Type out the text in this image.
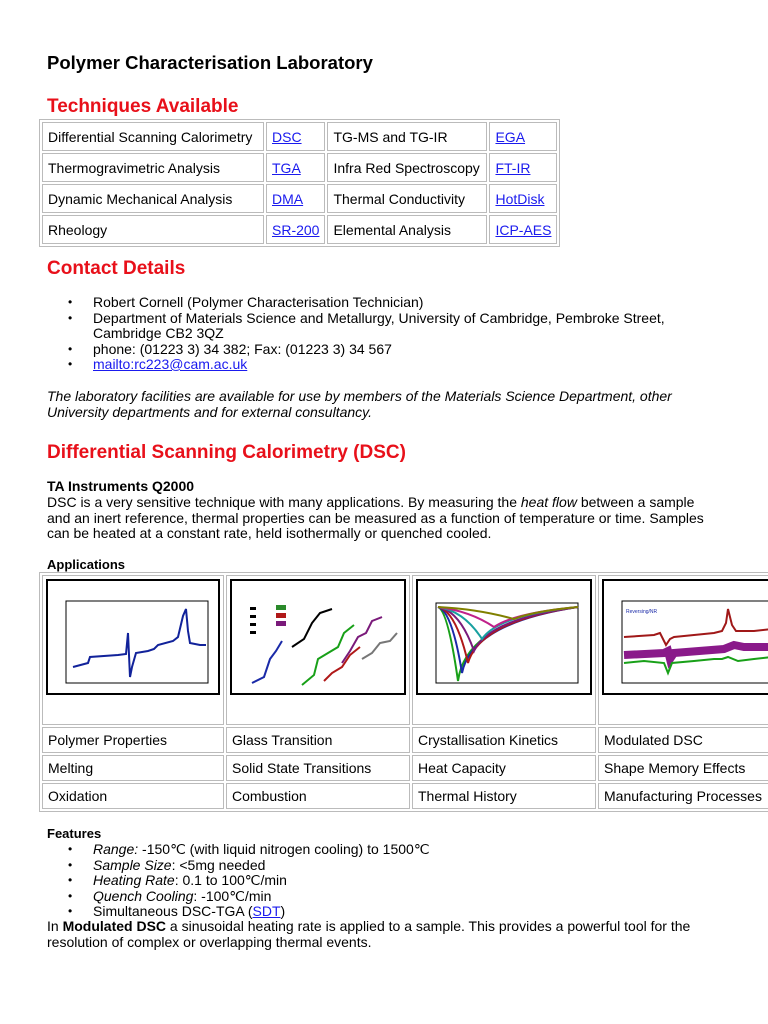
Polymer Characterisation Laboratory
Techniques Available
Differential Scanning Calorimetry	DSC	TG-MS and TG-IR	EGA
Thermogravimetric Analysis	TGA	Infra Red Spectroscopy	FT-IR
Dynamic Mechanical Analysis	DMA	Thermal Conductivity	HotDisk
Rheology	SR-200	Elemental Analysis	ICP-AES
Contact Details
• Robert Cornell (Polymer Characterisation Technician)
• Department of Materials Science and Metallurgy, University of Cambridge, Pembroke Street,
Cambridge CB2 3QZ
• phone: (01223 3) 34 382; Fax: (01223 3) 34 567
• mailto:rc223@cam.ac.uk

The laboratory facilities are available for use by members of the Materials Science Department, other
University departments and for external consultancy.

Differential Scanning Calorimetry (DSC)

TA Instruments Q2000

DSC is a very sensitive technique with many applications. By measuring the heat flow between a sample
and an inert reference, thermal properties can be measured as a function of temperature or time. Samples
can be heated at a constant rate, held isothermally or quenched cooled.

Applications

Reversing/NR

Polymer Properties	Glass Transition	Crystallisation Kinetics	Modulated DSC
Melting	Solid State Transitions	Heat Capacity	Shape Memory Effects
Oxidation	Combustion	Thermal History	Manufacturing Processes

Features

• Range: -150℃ (with liquid nitrogen cooling) to 1500℃
• Sample Size: <5mg needed
• Heating Rate: 0.1 to 100℃/min
• Quench Cooling: -100℃/min
• Simultaneous DSC-TGA (SDT)

In Modulated DSC a sinusoidal heating rate is applied to a sample. This provides a powerful tool for the
resolution of complex or overlapping thermal events.
